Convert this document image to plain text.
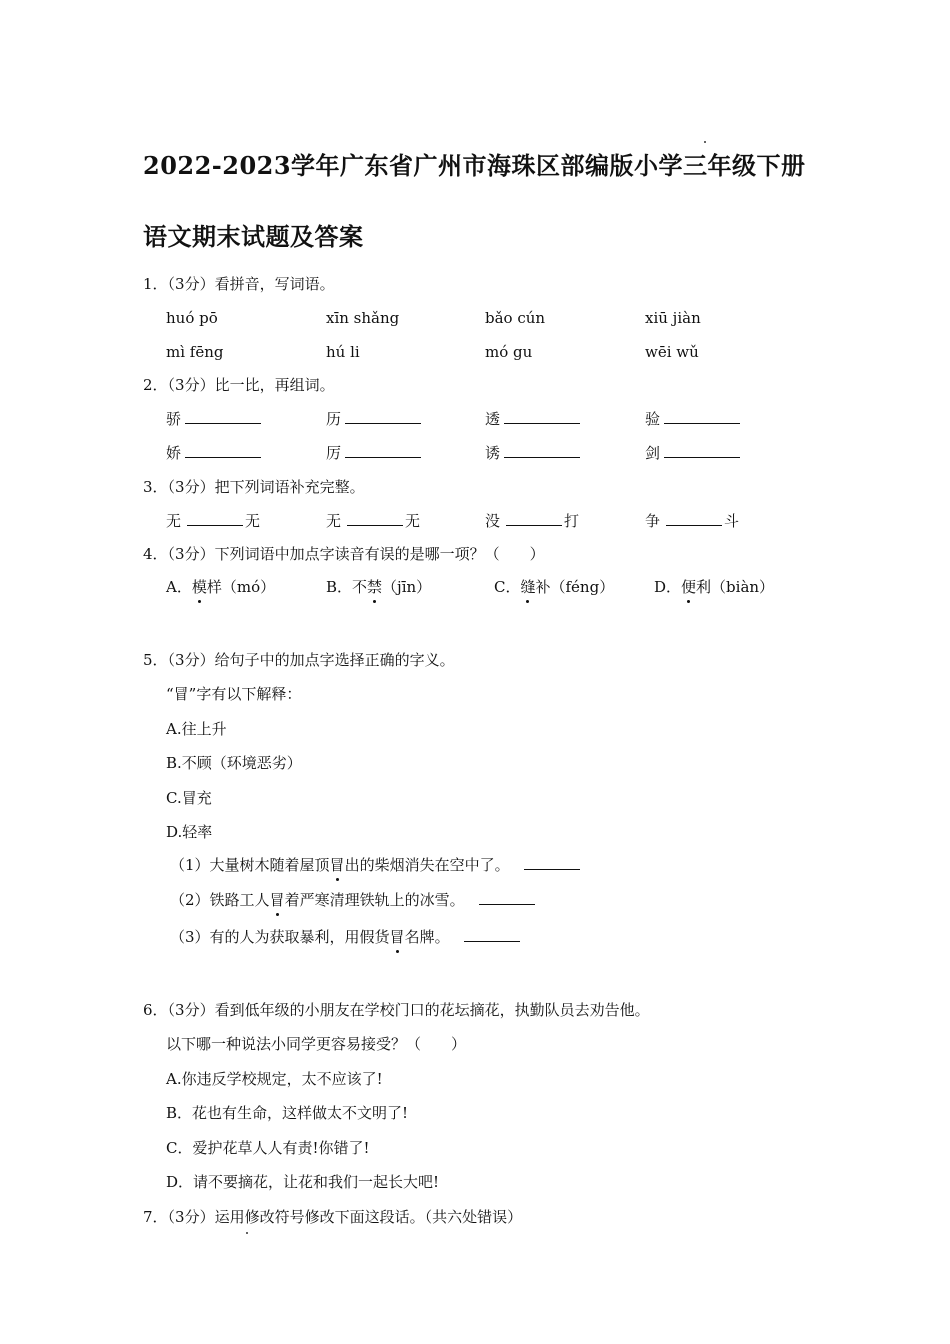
2022-2023学年广东省广州市海珠区部编版小学三年级下册
语文期末试题及答案
1．（3分）看拼音，写词语。
huó pō	xīn shǎng	bǎo cún	xiū jiàn
mì fēng	hú li	mó gu	wēi wǔ
2．（3分）比一比，再组词。
骄	历	透	验
娇	厉	诱	剑
3．（3分）把下列词语补充完整。
无	无	无	无	没	打	争	斗
4．（3分）下列词语中加点字读音有误的是哪一项？（　　）
A．模样（mó）	B．不禁（jīn）	C．缝补（féng）	D．便利（biàn）
5．（3分）给句子中的加点字选择正确的字义。
“冒”字有以下解释：
A.往上升
B.不顾（环境恶劣）
C.冒充
D.轻率
（1）大量树木随着屋顶冒出的柴烟消失在空中了。
（2）铁路工人冒着严寒清理铁轨上的冰雪。
（3）有的人为获取暴利，用假货冒名牌。
6．（3分）看到低年级的小朋友在学校门口的花坛摘花，执勤队员去劝告他。
以下哪一种说法小同学更容易接受？（　　）
A.你违反学校规定，太不应该了!
B．花也有生命，这样做太不文明了!
C．爱护花草人人有责!你错了!
D．请不要摘花，让花和我们一起长大吧!
7．（3分）运用修改符号修改下面这段话。（共六处错误）
